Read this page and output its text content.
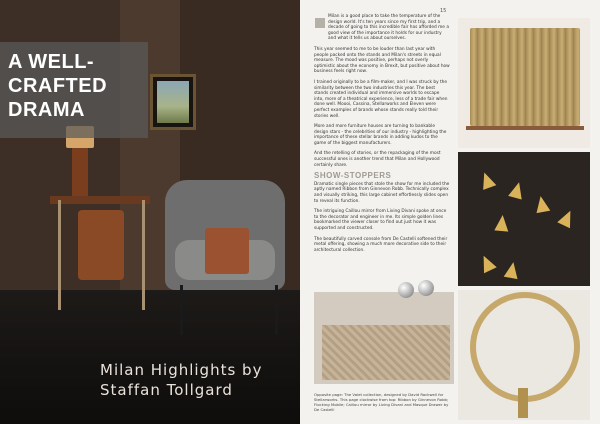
A WELL-CRAFTED DRAMA
Milan Highlights by Staffan Tollgard
15

Milan is a good place to take the temperature of the design world. It's ten years since my first trip, and a decade of going to this incredible fair has afforded me a good view of the importance it holds for our industry and what it tells us about ourselves.

This year seemed to me to be louder than last year with people packed onto the stands and Milan's streets in equal measure. The mood was positive, perhaps not overly optimistic about the economy in Brexit, but positive about how business feels right now.

I trained originally to be a film-maker, and I was struck by the similarity between the two industries this year. The best stands created individual and immersive worlds to escape into, more of a theatrical experience, less of a trade fair when done well. Moooi, Cassina, Stellarworks and Eleven were perfect examples of brands whose stands really told their stories well.

More and more furniture houses are turning to bankable design stars - the celebrities of our industry - highlighting the importance of these stellar brands in adding kudos to the game of the biggest manufacturers.

And the retelling of stories, or the repackaging of the most successful ones is another trend that Milan and Hollywood certainly share.

SHOW-STOPPERS

Dramatic single pieces that stole the show for me included the aptly named Ribbon from Ginnevon Robb. Technically complex and visually striking, this large cabinet effortlessly slides open to reveal its function.

The intriguing Caillou mirror from Living Divani spoke at once to the decorator and engineer in me. Its simple golden lines bookmarked the viewer closer to find out just how it was supported and constructed.

The beautifully carved console from De Castelli softened their metal offering, showing a much more decorative side to their architectural collection.

Opposite page: The Valet collection, designed by David Rockwell for Stellarworks. This page clockwise from top: Ribbon by Ginnevon Robb; Flocking Mobile; Caillou mirror by Living Divani and Masque Drawer by De Castelli
